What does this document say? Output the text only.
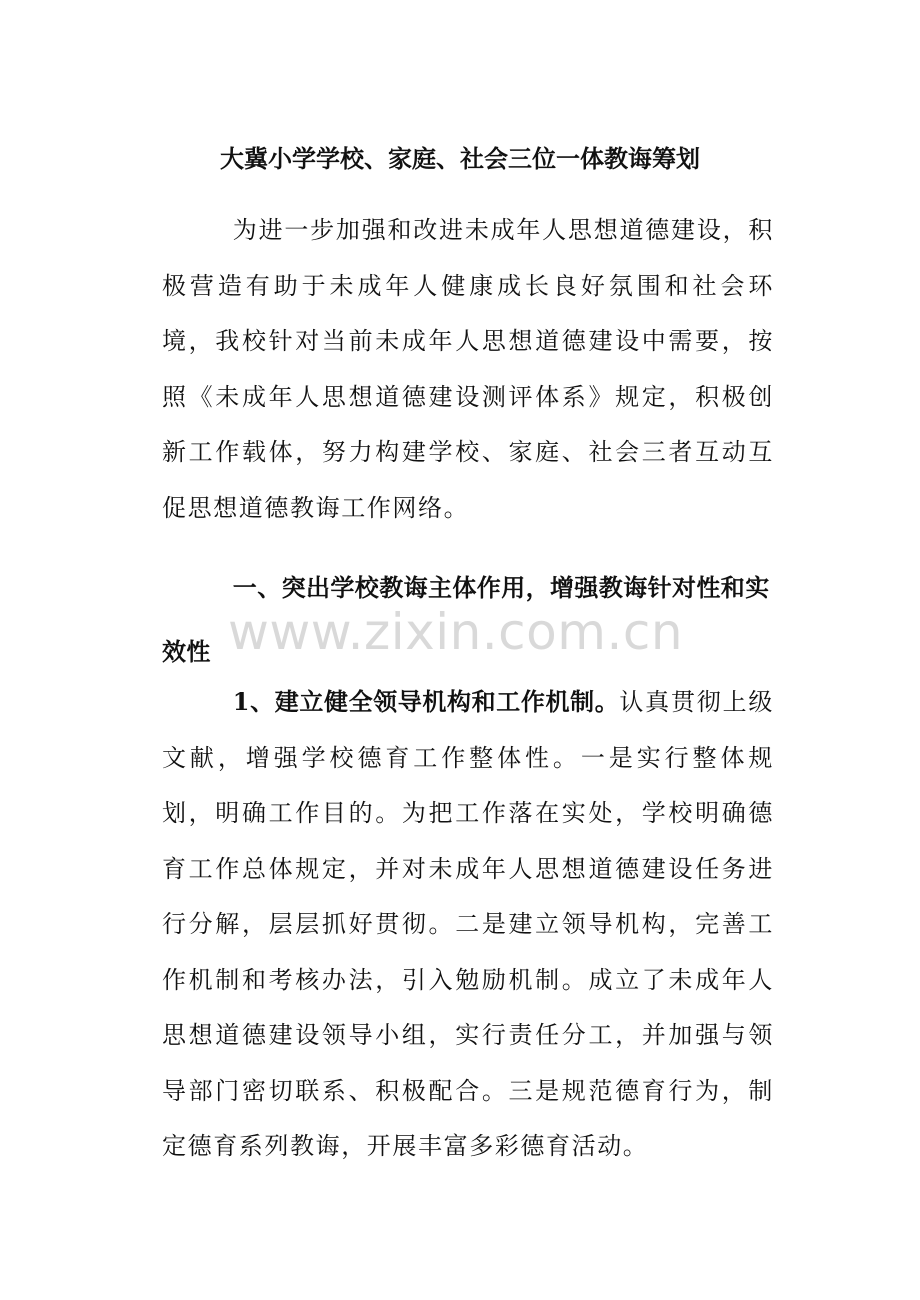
大冀小学学校、家庭、社会三位一体教诲筹划
为进一步加强和改进未成年人思想道德建设，积极营造有助于未成年人健康成长良好氛围和社会环境，我校针对当前未成年人思想道德建设中需要，按照《未成年人思想道德建设测评体系》规定，积极创新工作载体，努力构建学校、家庭、社会三者互动互促思想道德教诲工作网络。
一、突出学校教诲主体作用，增强教诲针对性和实效性
1、建立健全领导机构和工作机制。认真贯彻上级文献，增强学校德育工作整体性。一是实行整体规划，明确工作目的。为把工作落在实处，学校明确德育工作总体规定，并对未成年人思想道德建设任务进行分解，层层抓好贯彻。二是建立领导机构，完善工作机制和考核办法，引入勉励机制。成立了未成年人思想道德建设领导小组，实行责任分工，并加强与领导部门密切联系、积极配合。三是规范德育行为，制定德育系列教诲，开展丰富多彩德育活动。
www.zixin.com.cn
